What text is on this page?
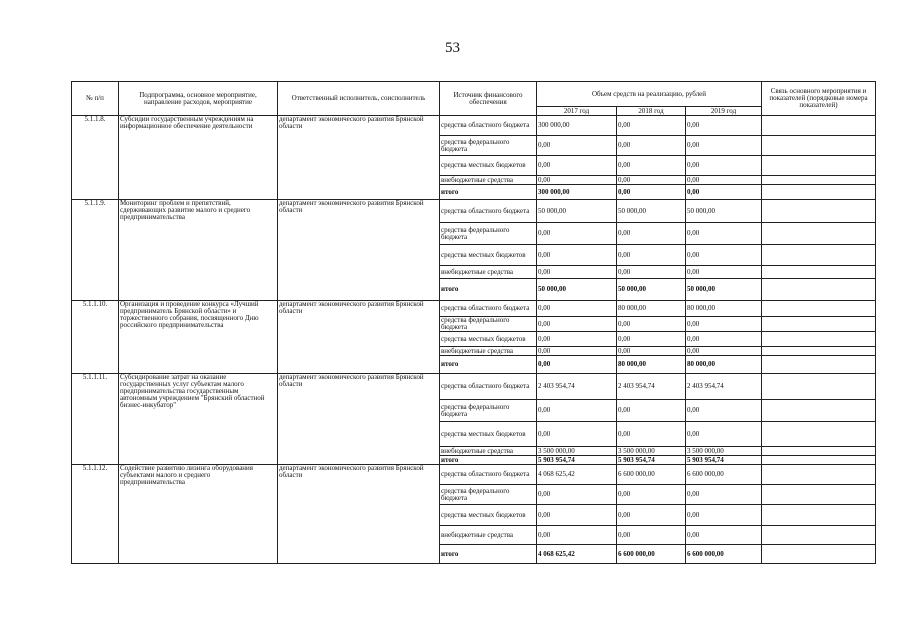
53
№ п/п	Подпрограмма, основное мероприятие, направление расходов, мероприятие	Ответственный исполнитель, соисполнитель	Источник финансового обеспечения	Объем средств на реализацию, рублей			Связь основного мероприятия и показателей (порядковые номера показателей)
				2017 год	2018 год	2019 год	
5.1.1.8.	Субсидии государственным учреждениям на информационное обеспечение деятельности	департамент экономического развития Брянской области	средства областного бюджета	300 000,00	0,00	0,00	
			средства федерального бюджета	0,00	0,00	0,00	
			средства местных бюджетов	0,00	0,00	0,00	
			внебюджетные средства	0,00	0,00	0,00	
			итого	300 000,00	0,00	0,00	
5.1.1.9.	Мониторинг проблем и препятствий, сдерживающих развитие малого и среднего предпринимательства	департамент экономического развития Брянской области	средства областного бюджета	50 000,00	50 000,00	50 000,00	
			средства федерального бюджета	0,00	0,00	0,00	
			средства местных бюджетов	0,00	0,00	0,00	
			внебюджетные средства	0,00	0,00	0,00	
			итого	50 000,00	50 000,00	50 000,00	
5.1.1.10.	Организация и проведение конкурса «Лучший предприниматель Брянской области» и торжественного собрания, посвященного Дню российского предпринимательства	департамент экономического развития Брянской области	средства областного бюджета	0,00	80 000,00	80 000,00	
			средства федерального бюджета	0,00	0,00	0,00	
			средства местных бюджетов	0,00	0,00	0,00	
			внебюджетные средства	0,00	0,00	0,00	
			итого	0,00	80 000,00	80 000,00	
5.1.1.11.	Субсидирование затрат на оказание государственных услуг субъектам малого предпринимательства государственным автономным учреждением "Брянский областной бизнес-инкубатор"	департамент экономического развития Брянской области	средства областного бюджета	2 403 954,74	2 403 954,74	2 403 954,74	
			средства федерального бюджета	0,00	0,00	0,00	
			средства местных бюджетов	0,00	0,00	0,00	
			внебюджетные средства	3 500 000,00	3 500 000,00	3 500 000,00	
			итого	5 903 954,74	5 903 954,74	5 903 954,74	
5.1.1.12.	Содействие развитию лизинга оборудования субъектами малого и среднего предпринимательства	департамент экономического развития Брянской области	средства областного бюджета	4 068 625,42	6 600 000,00	6 600 000,00	
			средства федерального бюджета	0,00	0,00	0,00	
			средства местных бюджетов	0,00	0,00	0,00	
			внебюджетные средства	0,00	0,00	0,00	
			итого	4 068 625,42	6 600 000,00	6 600 000,00	
